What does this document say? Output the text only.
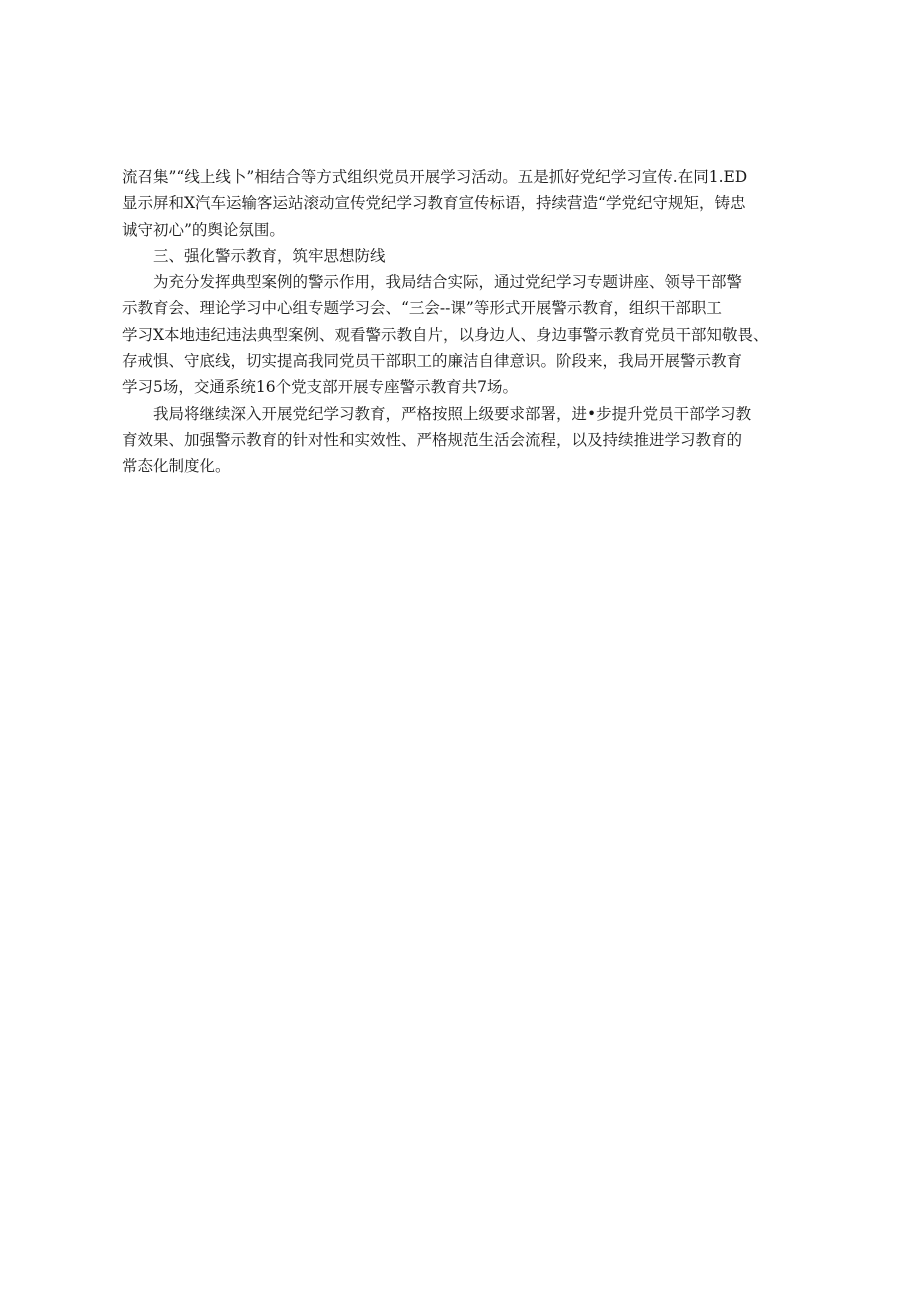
流召集”“线上线卜”相结合等方式组织党员开展学习活动。五是抓好党纪学习宣传.在同1.ED
显示屏和X汽车运输客运站滚动宣传党纪学习教育宣传标语，持续营造“学党纪守规矩，铸忠
诚守初心”的舆论氛围。

三、强化警示教育，筑牢思想防线

为充分发挥典型案例的警示作用，我局结合实际，通过党纪学习专题讲座、领导干部警
示教育会、理论学习中心组专题学习会、“三会--课”等形式开展警示教育，组织干部职工
学习X本地违纪违法典型案例、观看警示教自片，以身边人、身边事警示教育党员干部知敬畏、
存戒惧、守底线，切实提高我同党员干部职工的廉洁自律意识。阶段来，我局开展警示教育
学习5场，交通系统16个党支部开展专座警示教育共7场。

我局将继续深入开展党纪学习教育，严格按照上级要求部署，进•步提升党员干部学习教
育效果、加强警示教育的针对性和实效性、严格规范生活会流程，以及持续推进学习教育的
常态化制度化。
